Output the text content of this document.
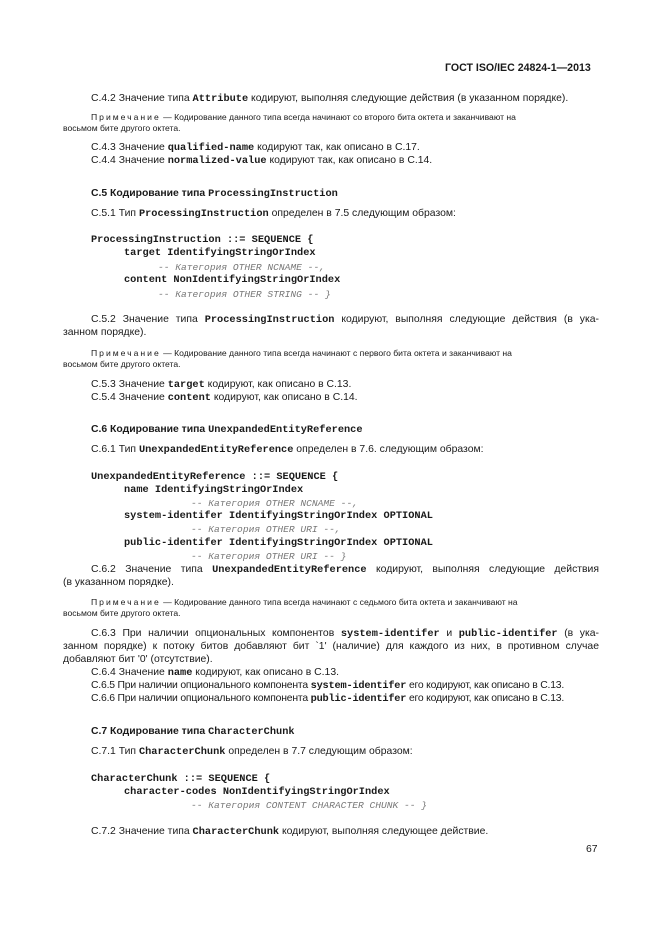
ГОСТ ISO/IEC 24824-1—2013
С.4.2 Значение типа Attribute кодируют, выполняя следующие действия (в указанном порядке).
Примечание — Кодирование данного типа всегда начинают со второго бита октета и заканчивают на
восьмом бите другого октета.
С.4.3 Значение qualified-name кодируют так, как описано в С.17.
С.4.4 Значение normalized-value кодируют так, как описано в С.14.
С.5 Кодирование типа ProcessingInstruction
С.5.1 Тип ProcessingInstruction определен в 7.5 следующим образом:
ProcessingInstruction ::= SEQUENCE {
target IdentifyingStringOrIndex
-- Категория OTHER NCNAME --,
content NonIdentifyingStringOrIndex
-- Категория OTHER STRING -- }
С.5.2 Значение типа ProcessingInstruction кодируют, выполняя следующие действия (в ука-
занном порядке).
Примечание — Кодирование данного типа всегда начинают с первого бита октета и заканчивают на
восьмом бите другого октета.
С.5.3 Значение target кодируют, как описано в С.13.
С.5.4 Значение content кодируют, как описано в С.14.
С.6 Кодирование типа UnexpandedEntityReference
С.6.1 Тип UnexpandedEntityReference определен в 7.6. следующим образом:
UnexpandedEntityReference ::= SEQUENCE {
name IdentifyingStringOrIndex
-- Категория OTHER NCNAME --,
system-identifer IdentifyingStringOrIndex OPTIONAL
-- Категория OTHER URI --,
public-identifer IdentifyingStringOrIndex OPTIONAL
-- Категория OTHER URI -- }
С.6.2 Значение типа UnexpandedEntityReference кодируют, выполняя следующие действия
(в указанном порядке).
Примечание — Кодирование данного типа всегда начинают с седьмого бита октета и заканчивают на
восьмом бите другого октета.
С.6.3 При наличии опциональных компонентов system-identifer и public-identifer (в ука-
занном порядке) к потоку битов добавляют бит `1' (наличие) для каждого из них, в противном случае
добавляют бит '0' (отсутствие).
С.6.4 Значение name кодируют, как описано в С.13.
С.6.5 При наличии опционального компонента system-identifer его кодируют, как описано в С.13.
С.6.6 При наличии опционального компонента public-identifer его кодируют, как описано в С.13.
С.7 Кодирование типа CharacterChunk
С.7.1 Тип CharacterChunk определен в 7.7 следующим образом:
CharacterChunk ::= SEQUENCE {
character-codes NonIdentifyingStringOrIndex
-- Категория CONTENT CHARACTER CHUNK -- }
С.7.2 Значение типа CharacterChunk кодируют, выполняя следующее действие.
67
